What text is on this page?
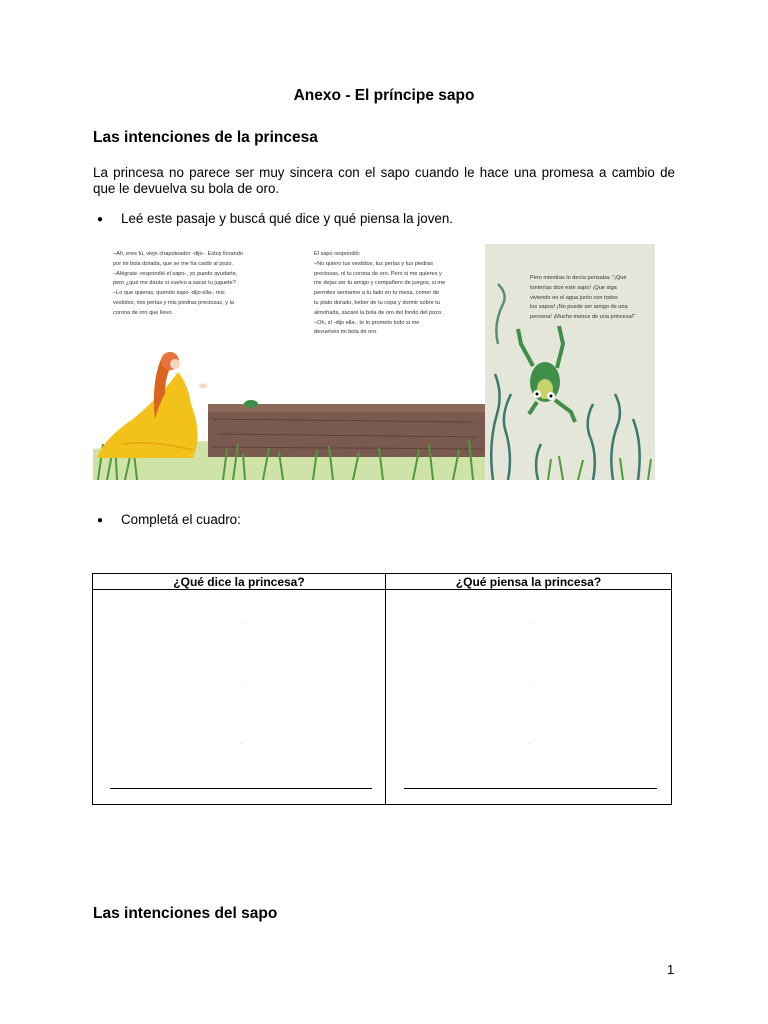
Anexo - El príncipe sapo
Las intenciones de la princesa
La princesa no parece ser muy sincera con el sapo cuando le hace una promesa a cambio de que le devuelva su bola de oro.
● Leé este pasaje y buscá qué dice y qué piensa la joven.
–Ah, eres tú, viejo chapoteador -dijo-. Estoy llorando
por mi bola dorada, que se me ha caído al pozo.
–Alégrate -respondió el sapo-, yo puedo ayudarte,
pero ¿qué me darás si vuelvo a sacar tu juguete?
–Lo que quieras, querido sapo -dijo ella-, mis
vestidos, mis perlas y mis piedras preciosas, y la
corona de oro que llevo.
El sapo respondió:
–No quiero tus vestidos, tus perlas y tus piedras
preciosas, ni tu corona de oro. Pero si me quieres y
me dejas ser tu amigo y compañero de juegos, si me
permites sentarme a tu lado en tu mesa, comer de
tu plato dorado, beber de tu copa y dormir sobre tu
almohada, sacaré la bola de oro del fondo del pozo.
–Oh, sí -dijo ella-, te lo prometo todo si me
devuelves mi bola de oro.
Pero mientras lo decía pensaba: "¡Qué
tonterías dice este sapo! ¡Que siga
viviendo en el agua junto con todos
los sapos! ¡No puede ser amigo de una
persona! ¡Mucho menos de una princesa!"
● Completá el cuadro:
¿Qué dice la princesa?	¿Qué piensa la princesa?
Las intenciones del sapo
1
